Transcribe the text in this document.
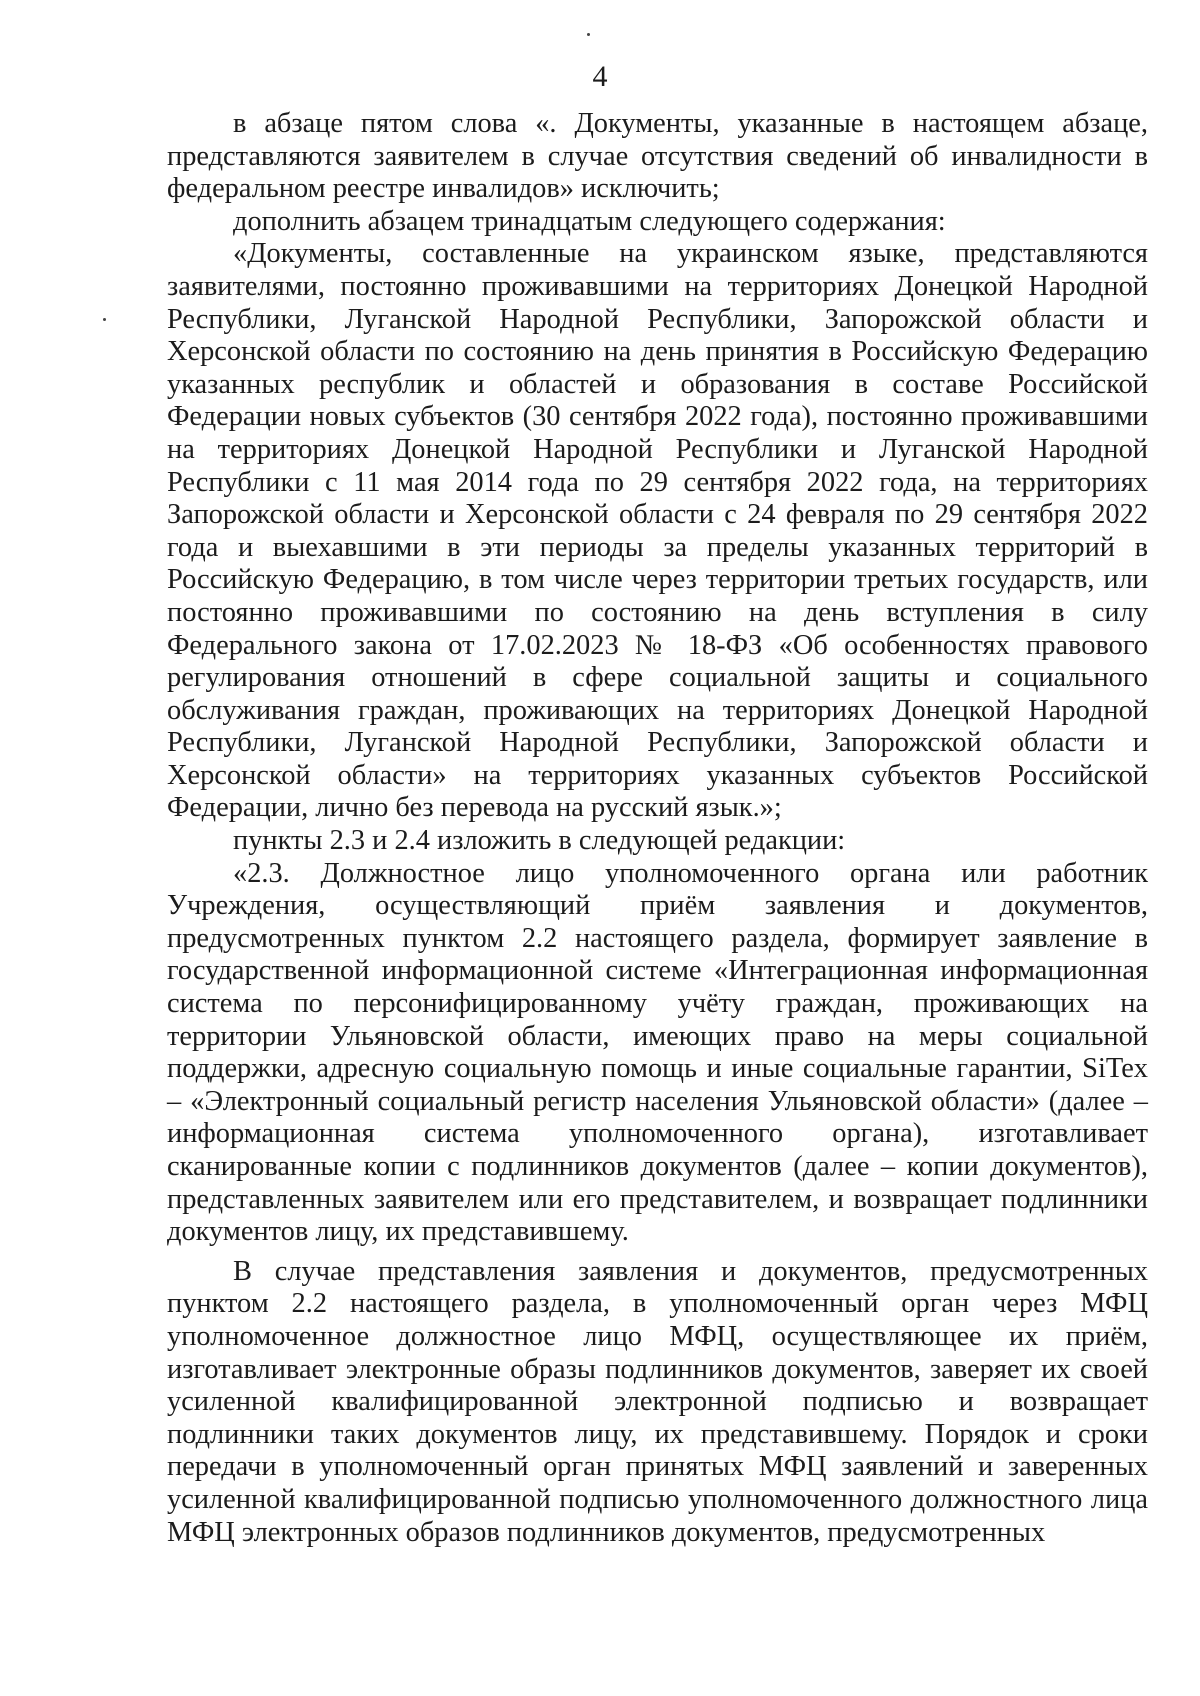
4

в абзаце пятом слова «. Документы, указанные в настоящем абзаце, представляются заявителем в случае отсутствия сведений об инвалидности в федеральном реестре инвалидов» исключить;

дополнить абзацем тринадцатым следующего содержания:

«Документы, составленные на украинском языке, представляются заявителями, постоянно проживавшими на территориях Донецкой Народной Республики, Луганской Народной Республики, Запорожской области и Херсонской области по состоянию на день принятия в Российскую Федерацию указанных республик и областей и образования в составе Российской Федерации новых субъектов (30 сентября 2022 года), постоянно проживавшими на территориях Донецкой Народной Республики и Луганской Народной Республики с 11 мая 2014 года по 29 сентября 2022 года, на территориях Запорожской области и Херсонской области с 24 февраля по 29 сентября 2022 года и выехавшими в эти периоды за пределы указанных территорий в Российскую Федерацию, в том числе через территории третьих государств, или постоянно проживавшими по состоянию на день вступления в силу Федерального закона от 17.02.2023 № 18-ФЗ «Об особенностях правового регулирования отношений в сфере социальной защиты и социального обслуживания граждан, проживающих на территориях Донецкой Народной Республики, Луганской Народной Республики, Запорожской области и Херсонской области» на территориях указанных субъектов Российской Федерации, лично без перевода на русский язык.»;

пункты 2.3 и 2.4 изложить в следующей редакции:

«2.3. Должностное лицо уполномоченного органа или работник Учреждения, осуществляющий приём заявления и документов, предусмотренных пунктом 2.2 настоящего раздела, формирует заявление в государственной информационной системе «Интеграционная информационная система по персонифицированному учёту граждан, проживающих на территории Ульяновской области, имеющих право на меры социальной поддержки, адресную социальную помощь и иные социальные гарантии, SiTex – «Электронный социальный регистр населения Ульяновской области» (далее – информационная система уполномоченного органа), изготавливает сканированные копии с подлинников документов (далее – копии документов), представленных заявителем или его представителем, и возвращает подлинники документов лицу, их представившему.

В случае представления заявления и документов, предусмотренных пунктом 2.2 настоящего раздела, в уполномоченный орган через МФЦ уполномоченное должностное лицо МФЦ, осуществляющее их приём, изготавливает электронные образы подлинников документов, заверяет их своей усиленной квалифицированной электронной подписью и возвращает подлинники таких документов лицу, их представившему. Порядок и сроки передачи в уполномоченный орган принятых МФЦ заявлений и заверенных усиленной квалифицированной подписью уполномоченного должностного лица МФЦ электронных образов подлинников документов, предусмотренных
